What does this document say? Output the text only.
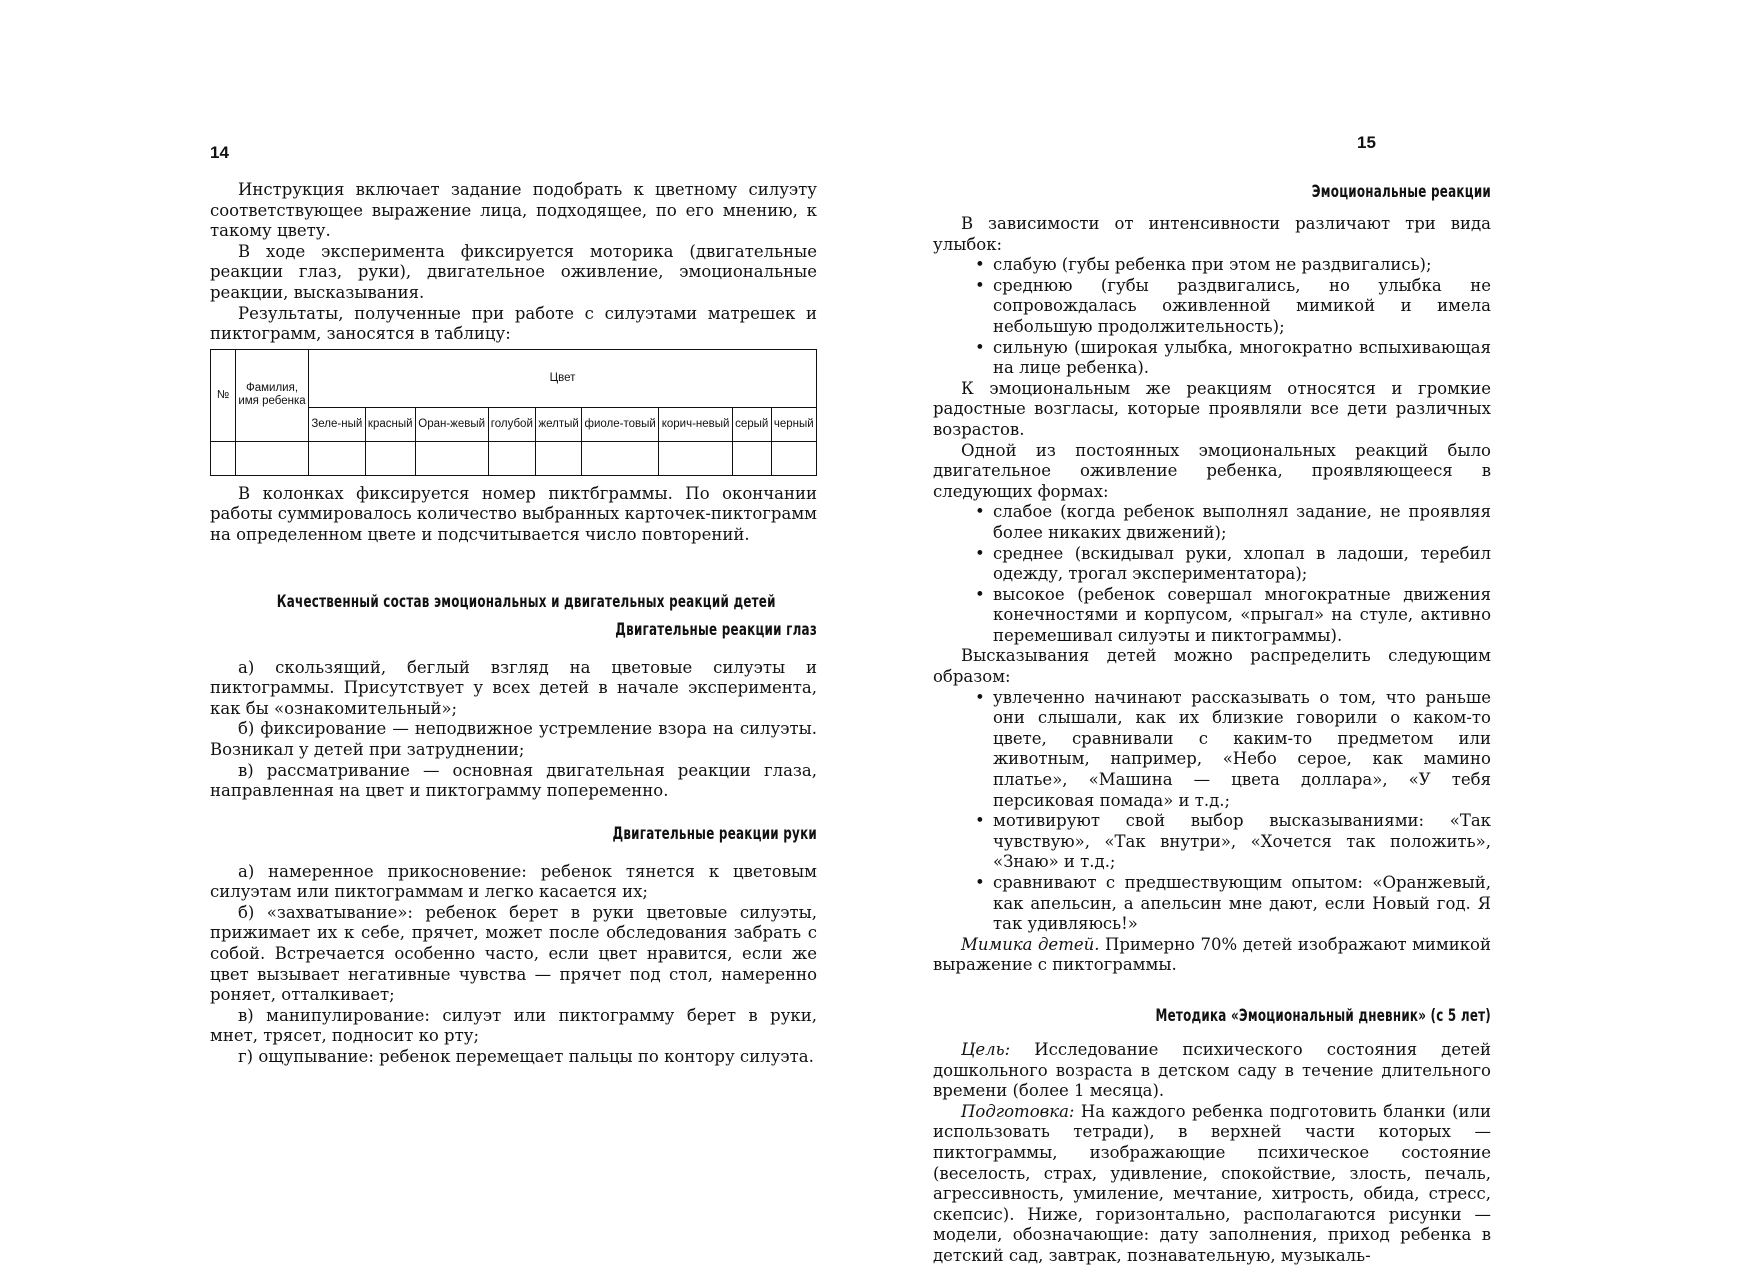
14

Инструкция включает задание подобрать к цветному силуэту соответствующее выражение лица, подходящее, по его мнению, к такому цвету.

В ходе эксперимента фиксируется моторика (двигательные реакции глаз, руки), двигательное оживление, эмоциональные реакции, высказывания.

Результаты, полученные при работе с силуэтами матрешек и пиктограмм, заносятся в таблицу:

№	Фамилия, имя ребенка	Цвет								
		Зеле-ный	красный	Оран-жевый	голубой	желтый	фиоле-товый	корич-невый	серый	черный

В колонках фиксируется номер пиктбграммы. По окончании работы суммировалось количество выбранных карточек-пиктограмм на определенном цвете и подсчитывается число повторений.

Качественный состав эмоциональных и двигательных реакций детей
Двигательные реакции глаз

а) скользящий, беглый взгляд на цветовые силуэты и пиктограммы. Присутствует у всех детей в начале эксперимента, как бы «ознакомительный»;

б) фиксирование — неподвижное устремление взора на силуэты. Возникал у детей при затруднении;

в) рассматривание — основная двигательная реакции глаза, направленная на цвет и пиктограмму попеременно.

Двигательные реакции руки

а) намеренное прикосновение: ребенок тянется к цветовым силуэтам или пиктограммам и легко касается их;

б) «захватывание»: ребенок берет в руки цветовые силуэты, прижимает их к себе, прячет, может после обследования забрать с собой. Встречается особенно часто, если цвет нравится, если же цвет вызывает негативные чувства — прячет под стол, намеренно роняет, отталкивает;

в) манипулирование: силуэт или пиктограмму берет в руки, мнет, трясет, подносит ко рту;

г) ощупывание: ребенок перемещает пальцы по контору силуэта.

15
Эмоциональные реакции

В зависимости от интенсивности различают три вида улыбок:

• слабую (губы ребенка при этом не раздвигались);
• среднюю (губы раздвигались, но улыбка не сопровождалась оживленной мимикой и имела небольшую продолжительность);
• сильную (широкая улыбка, многократно вспыхивающая на лице ребенка).

К эмоциональным же реакциям относятся и громкие радостные возгласы, которые проявляли все дети различных возрастов.

Одной из постоянных эмоциональных реакций было двигательное оживление ребенка, проявляющееся в следующих формах:

• слабое (когда ребенок выполнял задание, не проявляя более никаких движений);
• среднее (вскидывал руки, хлопал в ладоши, теребил одежду, трогал экспериментатора);
• высокое (ребенок совершал многократные движения конечностями и корпусом, «прыгал» на стуле, активно перемешивал силуэты и пиктограммы).

Высказывания детей можно распределить следующим образом:

• увлеченно начинают рассказывать о том, что раньше они слышали, как их близкие говорили о каком-то цвете, сравнивали с каким-то предметом или животным, например, «Небо серое, как мамино платье», «Машина — цвета доллара», «У тебя персиковая помада» и т.д.;
• мотивируют свой выбор высказываниями: «Так чувствую», «Так внутри», «Хочется так положить», «Знаю» и т.д.;
• сравнивают с предшествующим опытом: «Оранжевый, как апельсин, а апельсин мне дают, если Новый год. Я так удивляюсь!»

Мимика детей. Примерно 70% детей изображают мимикой выражение с пиктограммы.

Методика «Эмоциональный дневник» (с 5 лет)

Цель: Исследование психического состояния детей дошкольного возраста в детском саду в течение длительного времени (более 1 месяца).

Подготовка: На каждого ребенка подготовить бланки (или использовать тетради), в верхней части которых — пиктограммы, изображающие психическое состояние (веселость, страх, удивление, спокойствие, злость, печаль, агрессивность, умиление, мечтание, хитрость, обида, стресс, скепсис). Ниже, горизонтально, располагаются рисунки — модели, обозначающие: дату заполнения, приход ребенка в детский сад, завтрак, познавательную, музыкаль-
